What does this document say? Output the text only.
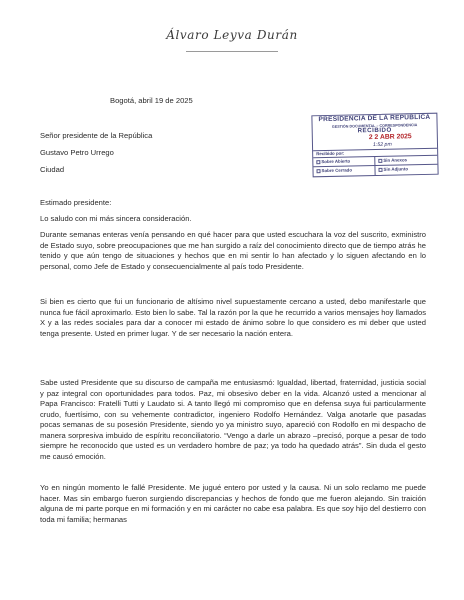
Álvaro Leyva Durán
Bogotá, abril 19 de 2025
PRESIDENCIA DE LA REPÚBLICA
GESTIÓN DOCUMENTAL – CORRESPONDENCIA
RECIBIDO
2 2 ABR 2025
1:52 pm
Recibido por:
Sobre Abierto
Sobre Cerrado
Sin Anexos
Sin Adjunto
Señor presidente de la República
Gustavo Petro Urrego
Ciudad
Estimado presidente:
Lo saludo con mi más sincera consideración.

Durante semanas enteras venía pensando en qué hacer para que usted escuchara la voz del suscrito, exministro de Estado suyo, sobre preocupaciones que me han surgido a raíz del conocimiento directo que de tiempo atrás he tenido y que aún tengo de situaciones y hechos que en mi sentir lo han afectado y lo siguen afectando en lo personal, como Jefe de Estado y consecuencialmente al país todo Presidente.

Si bien es cierto que fui un funcionario de altísimo nivel supuestamente cercano a usted, debo manifestarle que nunca fue fácil aproximarlo. Esto bien lo sabe. Tal la razón por la que he recurrido a varios mensajes hoy llamados X y a las redes sociales para dar a conocer mi estado de ánimo sobre lo que considero es mi deber que usted tenga presente. Usted en primer lugar. Y de ser necesario la nación entera.

Sabe usted Presidente que su discurso de campaña me entusiasmó: Igualdad, libertad, fraternidad, justicia social y paz integral con oportunidades para todos. Paz, mi obsesivo deber en la vida. Alcanzó usted a mencionar al Papa Francisco: Fratelli Tutti y Laudato si. A tanto llegó mi compromiso que en defensa suya fui particularmente crudo, fuertísimo, con su vehemente contradictor, ingeniero Rodolfo Hernández. Valga anotarle que pasadas pocas semanas de su posesión Presidente, siendo yo ya ministro suyo, apareció con Rodolfo en mi despacho de manera sorpresiva imbuido de espíritu reconciliatorio. “Vengo a darle un abrazo –precisó, porque a pesar de todo siempre he reconocido que usted es un verdadero hombre de paz; ya todo ha quedado atrás”. Sin duda el gesto me causó emoción.

Yo en ningún momento le fallé Presidente. Me jugué entero por usted y la causa. Ni un solo reclamo me puede hacer. Mas sin embargo fueron surgiendo discrepancias y hechos de fondo que me fueron alejando. Sin traición alguna de mi parte porque en mi formación y en mi carácter no cabe esa palabra. Es que soy hijo del destierro con toda mi familia; hermanas
